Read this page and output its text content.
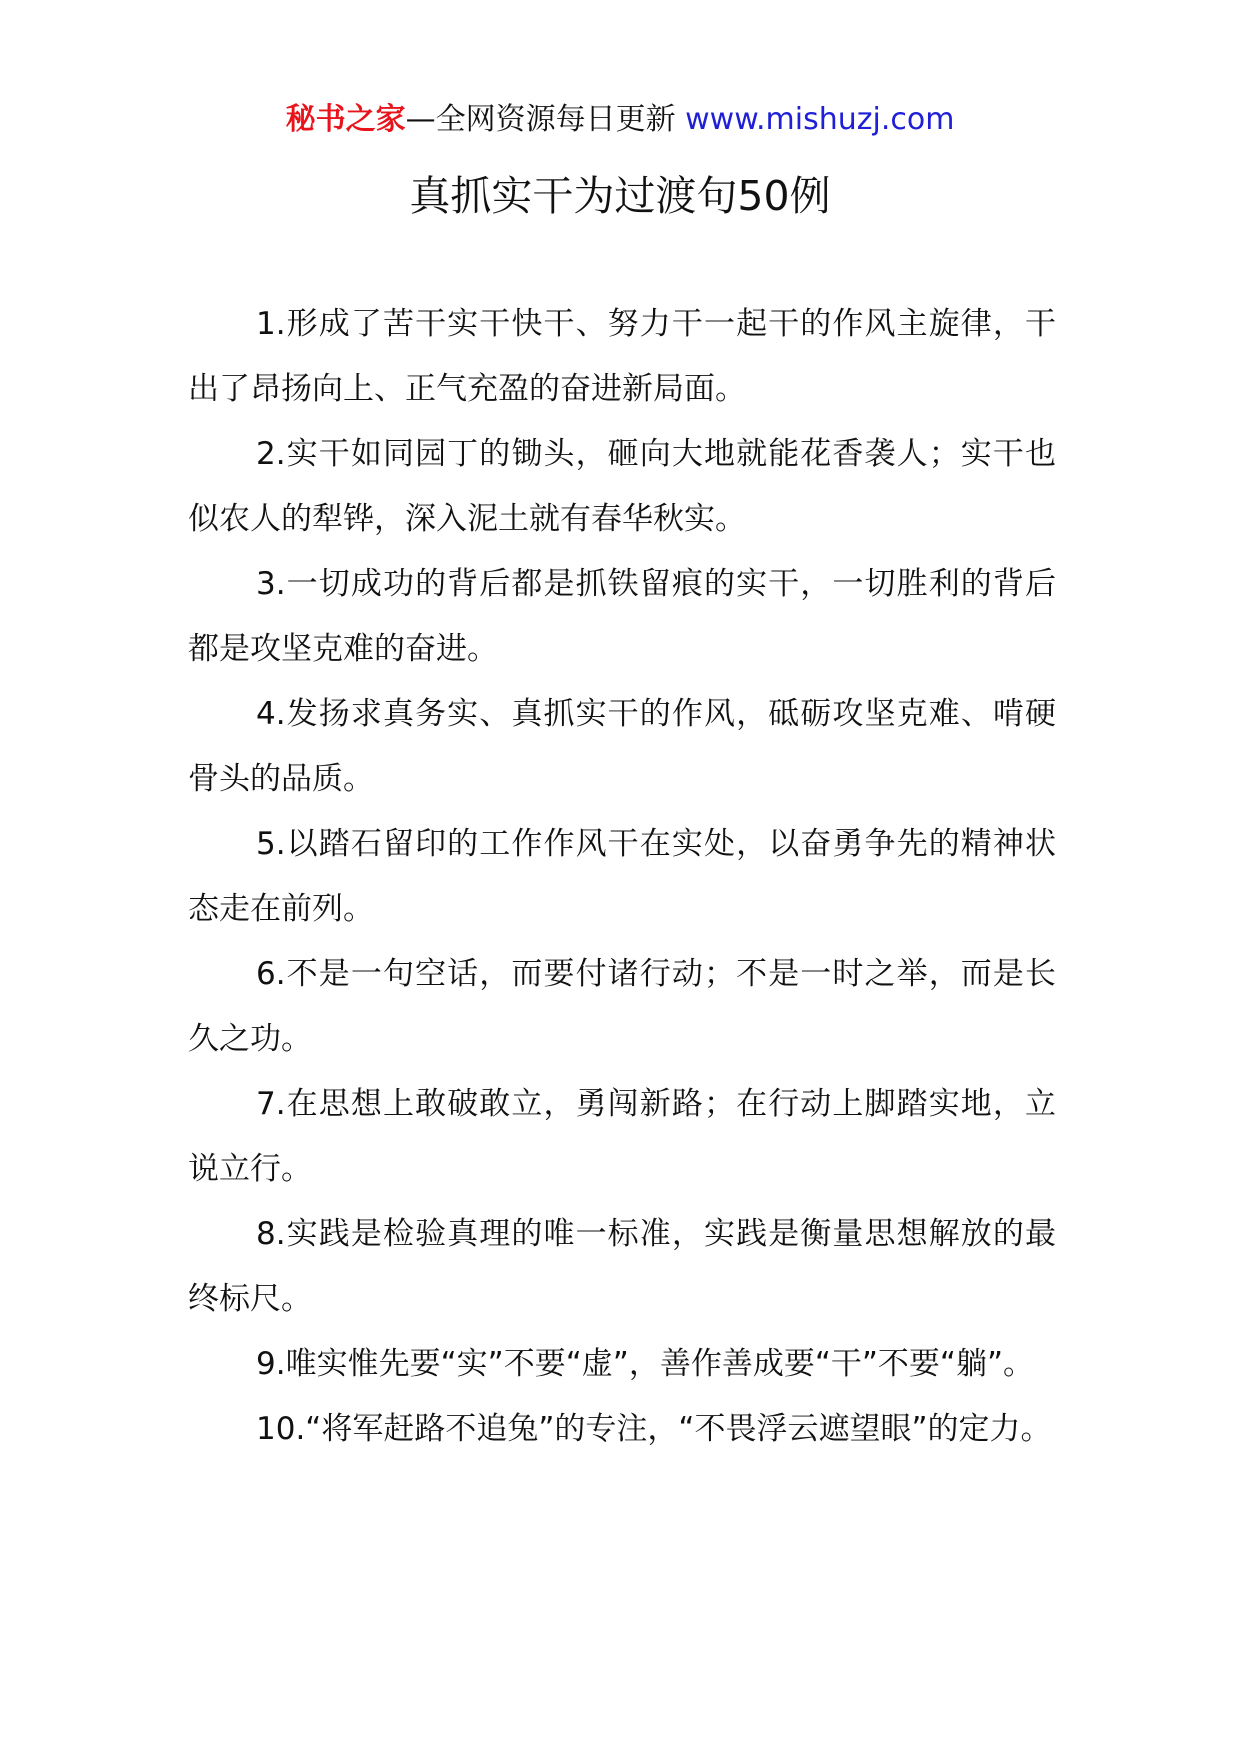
秘书之家—全网资源每日更新 www.mishuzj.com
真抓实干为过渡句50例

1.形成了苦干实干快干、努力干一起干的作风主旋律，干出了昂扬向上、正气充盈的奋进新局面。

2.实干如同园丁的锄头，砸向大地就能花香袭人；实干也似农人的犁铧，深入泥土就有春华秋实。

3.一切成功的背后都是抓铁留痕的实干，一切胜利的背后都是攻坚克难的奋进。

4.发扬求真务实、真抓实干的作风，砥砺攻坚克难、啃硬骨头的品质。

5.以踏石留印的工作作风干在实处，以奋勇争先的精神状态走在前列。

6.不是一句空话，而要付诸行动；不是一时之举，而是长久之功。

7.在思想上敢破敢立，勇闯新路；在行动上脚踏实地，立说立行。

8.实践是检验真理的唯一标准，实践是衡量思想解放的最终标尺。

9.唯实惟先要“实”不要“虚”，善作善成要“干”不要“躺”。

10.“将军赶路不追兔”的专注，“不畏浮云遮望眼”的定力。
